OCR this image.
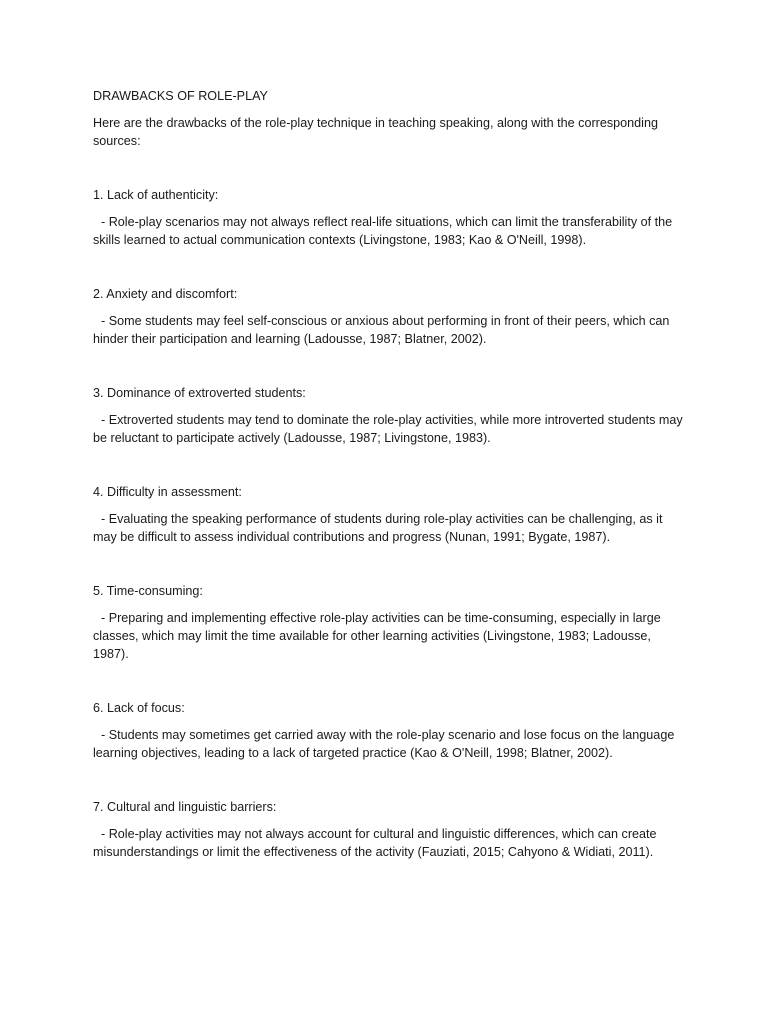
DRAWBACKS OF ROLE-PLAY

Here are the drawbacks of the role-play technique in teaching speaking, along with the corresponding sources:

1. Lack of authenticity:

- Role-play scenarios may not always reflect real-life situations, which can limit the transferability of the skills learned to actual communication contexts (Livingstone, 1983; Kao & O'Neill, 1998).

2. Anxiety and discomfort:

- Some students may feel self-conscious or anxious about performing in front of their peers, which can hinder their participation and learning (Ladousse, 1987; Blatner, 2002).

3. Dominance of extroverted students:

- Extroverted students may tend to dominate the role-play activities, while more introverted students may be reluctant to participate actively (Ladousse, 1987; Livingstone, 1983).

4. Difficulty in assessment:

- Evaluating the speaking performance of students during role-play activities can be challenging, as it may be difficult to assess individual contributions and progress (Nunan, 1991; Bygate, 1987).

5. Time-consuming:

- Preparing and implementing effective role-play activities can be time-consuming, especially in large classes, which may limit the time available for other learning activities (Livingstone, 1983; Ladousse, 1987).

6. Lack of focus:

- Students may sometimes get carried away with the role-play scenario and lose focus on the language learning objectives, leading to a lack of targeted practice (Kao & O'Neill, 1998; Blatner, 2002).

7. Cultural and linguistic barriers:

- Role-play activities may not always account for cultural and linguistic differences, which can create misunderstandings or limit the effectiveness of the activity (Fauziati, 2015; Cahyono & Widiati, 2011).
